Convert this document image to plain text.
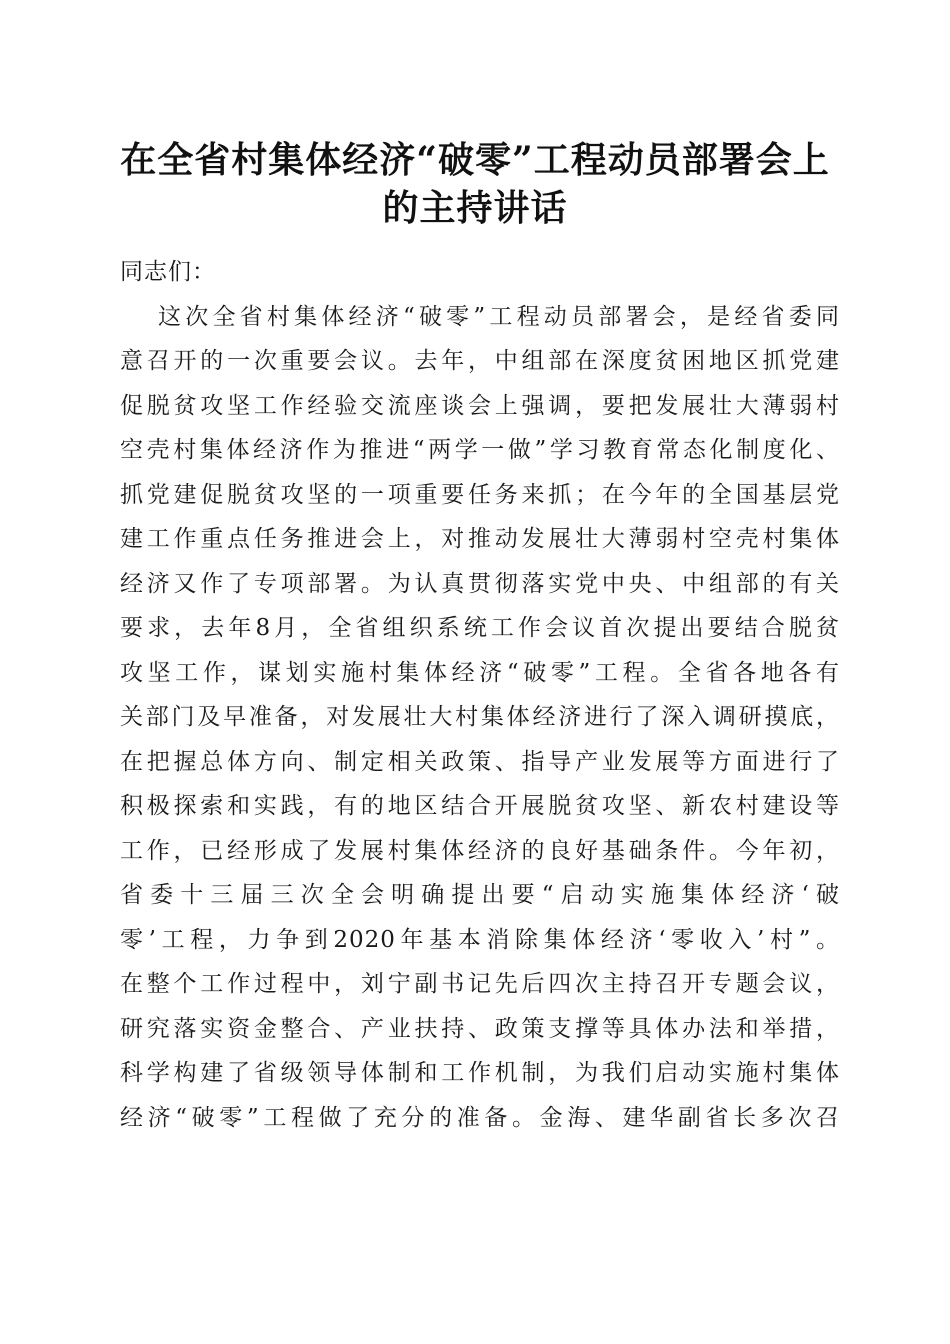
在全省村集体经济“破零”工程动员部署会上
的主持讲话
同志们：
这次全省村集体经济“破零”工程动员部署会，是经省委同
意召开的一次重要会议。去年，中组部在深度贫困地区抓党建
促脱贫攻坚工作经验交流座谈会上强调，要把发展壮大薄弱村
空壳村集体经济作为推进“两学一做”学习教育常态化制度化、
抓党建促脱贫攻坚的一项重要任务来抓；在今年的全国基层党
建工作重点任务推进会上，对推动发展壮大薄弱村空壳村集体
经济又作了专项部署。为认真贯彻落实党中央、中组部的有关
要求，去年8月，全省组织系统工作会议首次提出要结合脱贫
攻坚工作，谋划实施村集体经济“破零”工程。全省各地各有
关部门及早准备，对发展壮大村集体经济进行了深入调研摸底，
在把握总体方向、制定相关政策、指导产业发展等方面进行了
积极探索和实践，有的地区结合开展脱贫攻坚、新农村建设等
工作，已经形成了发展村集体经济的良好基础条件。今年初，
省委十三届三次全会明确提出要“启动实施集体经济‘破
零’工程，力争到2020年基本消除集体经济‘零收入’村”。
在整个工作过程中，刘宁副书记先后四次主持召开专题会议，
研究落实资金整合、产业扶持、政策支撑等具体办法和举措，
科学构建了省级领导体制和工作机制，为我们启动实施村集体
经济“破零”工程做了充分的准备。金海、建华副省长多次召
